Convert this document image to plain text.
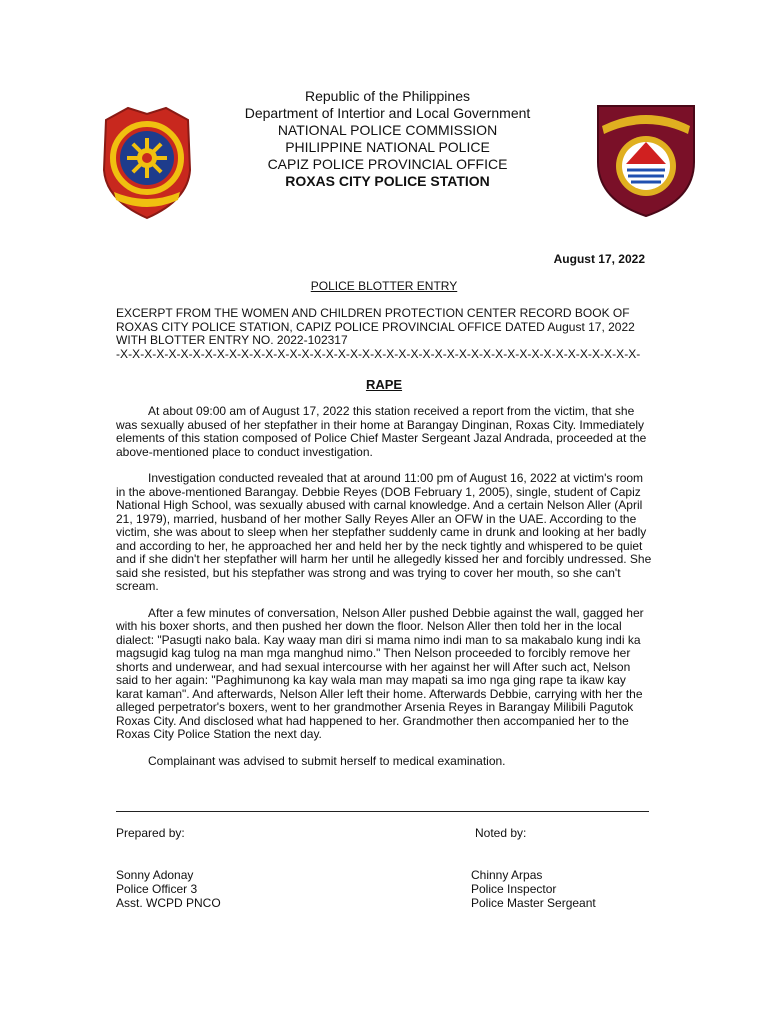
Republic of the Philippines
Department of Intertior and Local Government
NATIONAL POLICE COMMISSION
PHILIPPINE NATIONAL POLICE
CAPIZ POLICE PROVINCIAL OFFICE
ROXAS CITY POLICE STATION
August 17, 2022
POLICE BLOTTER ENTRY
EXCERPT FROM THE WOMEN AND CHILDREN PROTECTION CENTER RECORD BOOK OF ROXAS CITY POLICE STATION, CAPIZ POLICE PROVINCIAL OFFICE DATED August 17, 2022 WITH BLOTTER ENTRY NO. 2022-102317
-X-X-X-X-X-X-X-X-X-X-X-X-X-X-X-X-X-X-X-X-X-X-X-X-X-X-X-X-X-X-X-X-X-X-X-X-X-X-X-X-X-X-X-
RAPE

At about 09:00 am of August 17, 2022 this station received a report from the victim, that she was sexually abused of her stepfather in their home at Barangay Dinginan, Roxas City. Immediately elements of this station composed of Police Chief Master Sergeant Jazal Andrada, proceeded at the above-mentioned place to conduct investigation.

Investigation conducted revealed that at around 11:00 pm of August 16, 2022 at victim's room in the above-mentioned Barangay. Debbie Reyes (DOB February 1, 2005), single, student of Capiz National High School, was sexually abused with carnal knowledge. And a certain Nelson Aller (April 21, 1979), married, husband of her mother Sally Reyes Aller an OFW in the UAE. According to the victim, she was about to sleep when her stepfather suddenly came in drunk and looking at her badly and according to her, he approached her and held her by the neck tightly and whispered to be quiet and if she didn't her stepfather will harm her until he allegedly kissed her and forcibly undressed. She said she resisted, but his stepfather was strong and was trying to cover her mouth, so she can't scream.

After a few minutes of conversation, Nelson Aller pushed Debbie against the wall, gagged her with his boxer shorts, and then pushed her down the floor. Nelson Aller then told her in the local dialect: "Pasugti nako bala. Kay waay man diri si mama nimo indi man to sa makabalo kung indi ka magsugid kag tulog na man mga manghud nimo." Then Nelson proceeded to forcibly remove her shorts and underwear, and had sexual intercourse with her against her will After such act, Nelson said to her again: "Paghimunong ka kay wala man may mapati sa imo nga ging rape ta ikaw kay karat kaman". And afterwards, Nelson Aller left their home. Afterwards Debbie, carrying with her the alleged perpetrator's boxers, went to her grandmother Arsenia Reyes in Barangay Milibili Pagutok Roxas City. And disclosed what had happened to her. Grandmother then accompanied her to the Roxas City Police Station the next day.

Complainant was advised to submit herself to medical examination.

Prepared by:	Noted by:
Sonny Adonay
Police Officer 3
Asst. WCPD PNCO
Chinny Arpas
Police Inspector
Police Master Sergeant
